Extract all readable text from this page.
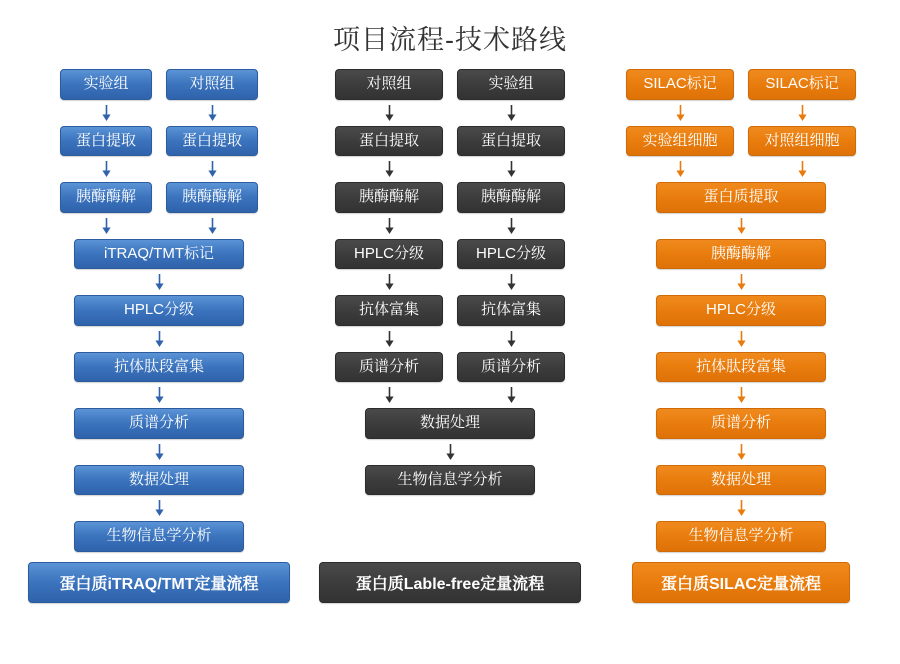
项目流程-技术路线
实验组	对照组
蛋白提取	蛋白提取
胰酶酶解	胰酶酶解
iTRAQ/TMT标记
HPLC分级
抗体肽段富集
质谱分析
数据处理
生物信息学分析
蛋白质iTRAQ/TMT定量流程
对照组	实验组
蛋白提取	蛋白提取
胰酶酶解	胰酶酶解
HPLC分级	HPLC分级
抗体富集	抗体富集
质谱分析	质谱分析
数据处理
生物信息学分析
蛋白质Lable-free定量流程
SILAC标记	SILAC标记
实验组细胞	对照组细胞
蛋白质提取
胰酶酶解
HPLC分级
抗体肽段富集
质谱分析
数据处理
生物信息学分析
蛋白质SILAC定量流程
